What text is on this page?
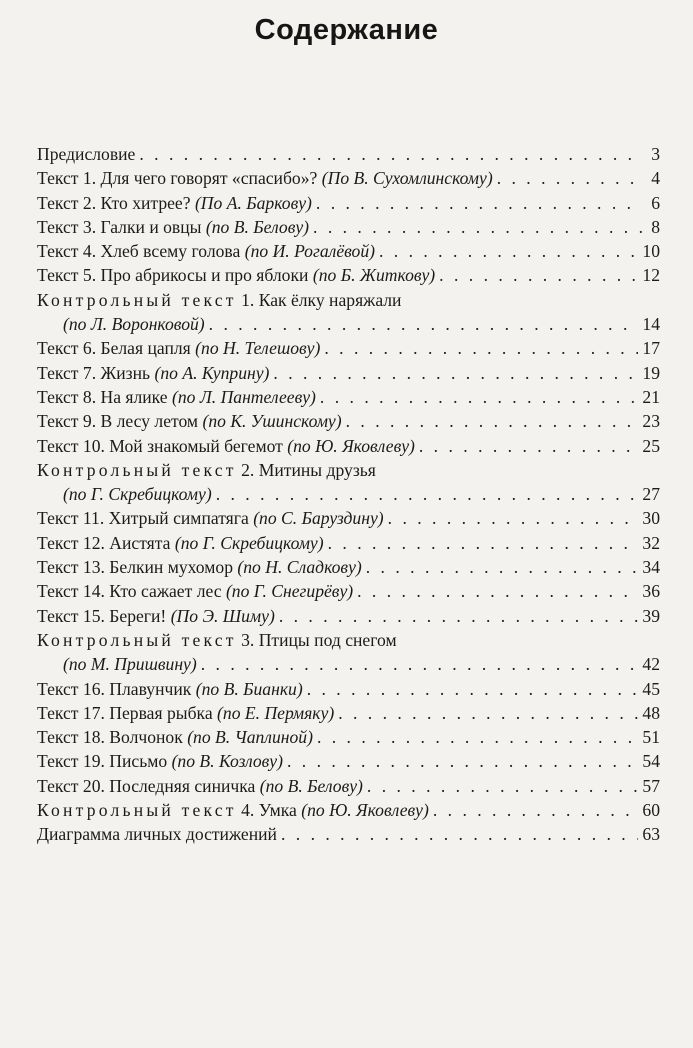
Содержание
Предисловие . . .	3
Текст 1. Для чего говорят «спасибо»? (По В. Сухомлинскому) . . .	4
Текст 2. Кто хитрее? (По А. Баркову) . . .	6
Текст 3. Галки и овцы (по В. Белову) . . .	8
Текст 4. Хлеб всему голова (по И. Рогалёвой) . . .	10
Текст 5. Про абрикосы и про яблоки (по Б. Житкову) . . .	12
Контрольный текст 1. Как ёлку наряжали
(по Л. Воронковой) . . .	14
Текст 6. Белая цапля (по Н. Телешову) . . .	17
Текст 7. Жизнь (по А. Куприну) . . .	19
Текст 8. На ялике (по Л. Пантелееву) . . .	21
Текст 9. В лесу летом (по К. Ушинскому) . . .	23
Текст 10. Мой знакомый бегемот (по Ю. Яковлеву) . . .	25
Контрольный текст 2. Митины друзья
(по Г. Скребицкому) . . .	27
Текст 11. Хитрый симпатяга (по С. Баруздину) . . .	30
Текст 12. Аистята (по Г. Скребицкому) . . .	32
Текст 13. Белкин мухомор (по Н. Сладкову) . . .	34
Текст 14. Кто сажает лес (по Г. Снегирёву) . . .	36
Текст 15. Береги! (По Э. Шиму) . . .	39
Контрольный текст 3. Птицы под снегом
(по М. Пришвину) . . .	42
Текст 16. Плавунчик (по В. Бианки) . . .	45
Текст 17. Первая рыбка (по Е. Пермяку) . . .	48
Текст 18. Волчонок (по В. Чаплиной) . . .	51
Текст 19. Письмо (по В. Козлову) . . .	54
Текст 20. Последняя синичка (по В. Белову) . . .	57
Контрольный текст 4. Умка (по Ю. Яковлеву) . . .	60
Диаграмма личных достижений . . .	63
